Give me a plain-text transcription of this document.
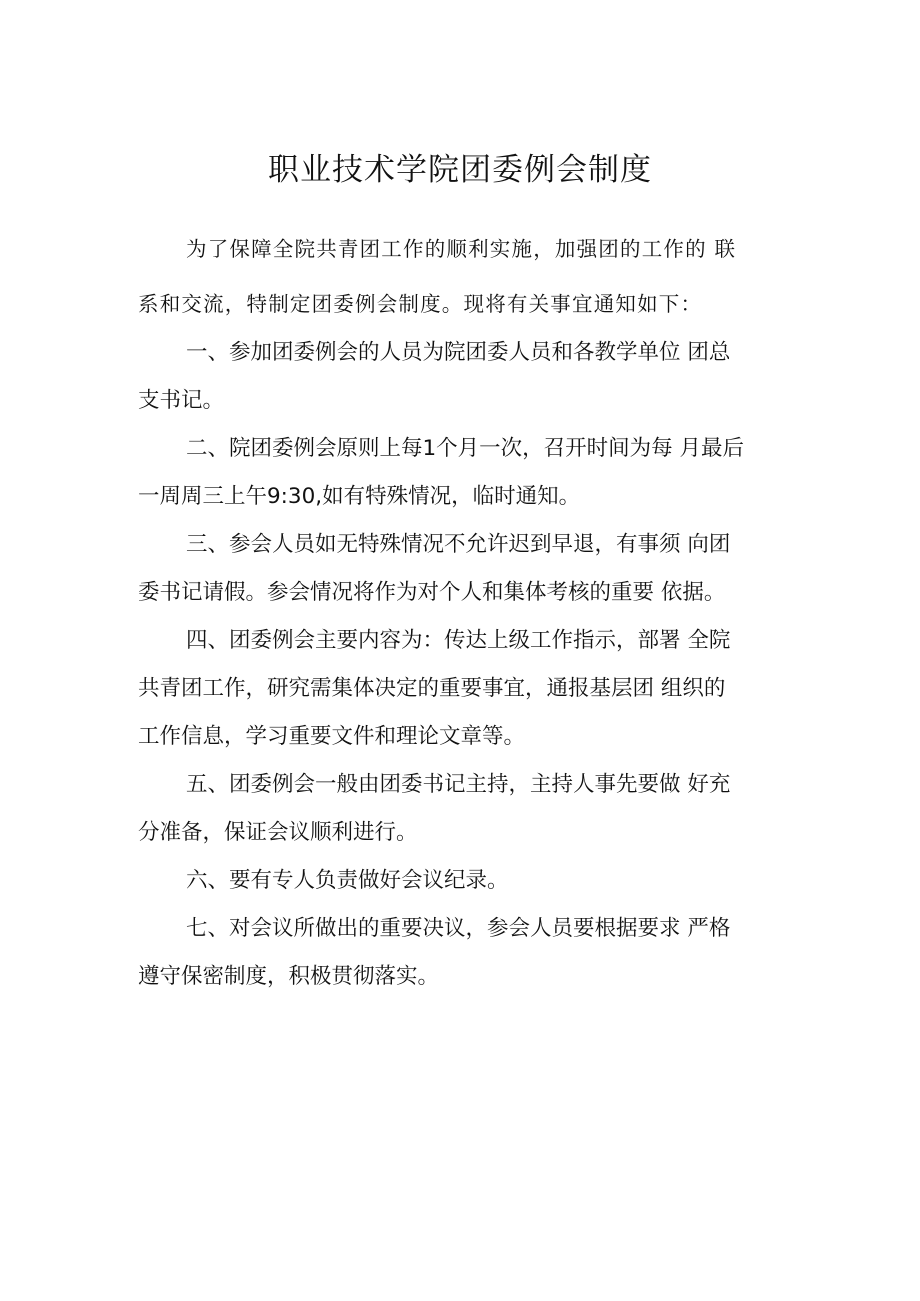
职业技术学院团委例会制度

为了保障全院共青团工作的顺利实施，加强团的工作的 联
系和交流，特制定团委例会制度。现将有关事宜通知如下：

一、参加团委例会的人员为院团委人员和各教学单位 团总
支书记。

二、院团委例会原则上每1个月一次，召开时间为每 月最后
一周周三上午9:30,如有特殊情况，临时通知。

三、参会人员如无特殊情况不允许迟到早退，有事须 向团
委书记请假。参会情况将作为对个人和集体考核的重要 依据。

四、团委例会主要内容为：传达上级工作指示，部署 全院
共青团工作，研究需集体决定的重要事宜，通报基层团 组织的
工作信息，学习重要文件和理论文章等。

五、团委例会一般由团委书记主持，主持人事先要做 好充
分准备，保证会议顺利进行。

六、要有专人负责做好会议纪录。

七、对会议所做出的重要决议，参会人员要根据要求 严格
遵守保密制度，积极贯彻落实。
